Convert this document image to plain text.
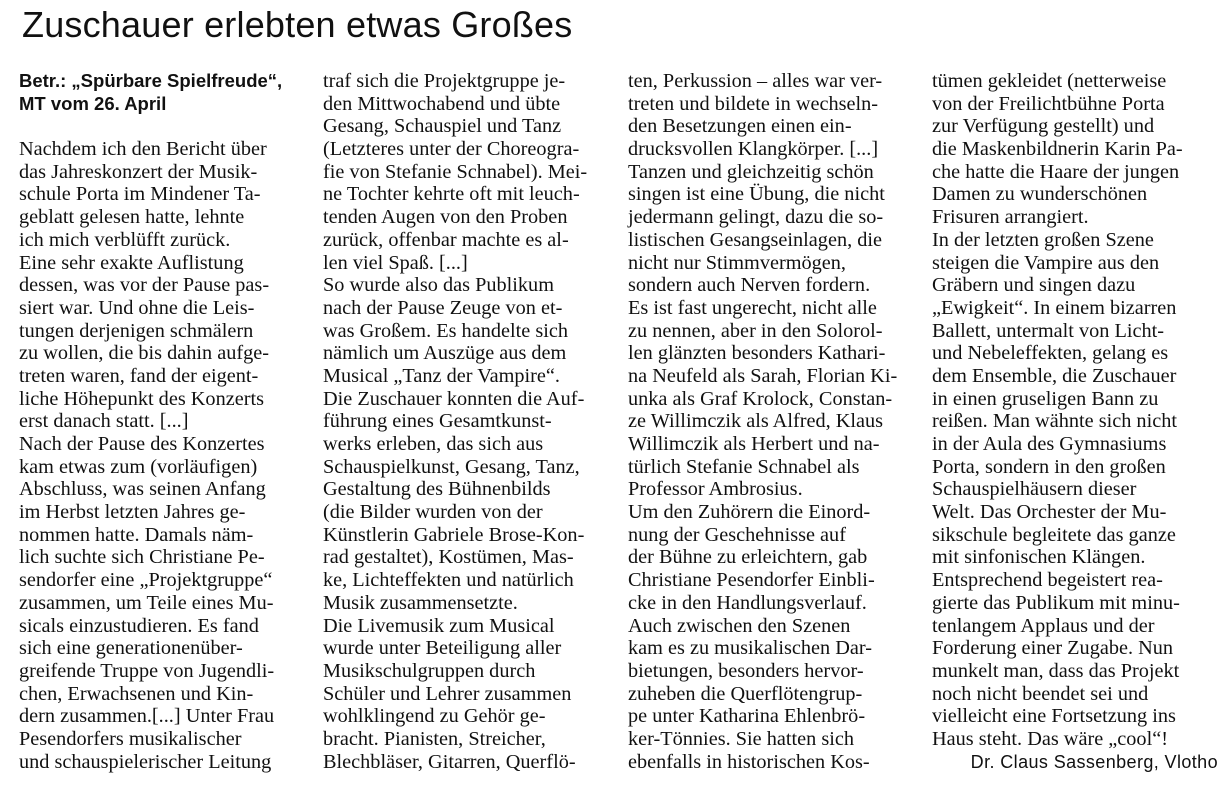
Zuschauer erlebten etwas Großes
Betr.: „Spürbare Spielfreude“,
MT vom 26. April
Nachdem ich den Bericht über
das Jahreskonzert der Musik-
schule Porta im Mindener Ta-
geblatt gelesen hatte, lehnte
ich mich verblüfft zurück.
Eine sehr exakte Auflistung
dessen, was vor der Pause pas-
siert war. Und ohne die Leis-
tungen derjenigen schmälern
zu wollen, die bis dahin aufge-
treten waren, fand der eigent-
liche Höhepunkt des Konzerts
erst danach statt. [...]
Nach der Pause des Konzertes
kam etwas zum (vorläufigen)
Abschluss, was seinen Anfang
im Herbst letzten Jahres ge-
nommen hatte. Damals näm-
lich suchte sich Christiane Pe-
sendorfer eine „Projektgruppe“
zusammen, um Teile eines Mu-
sicals einzustudieren. Es fand
sich eine generationenüber-
greifende Truppe von Jugendli-
chen, Erwachsenen und Kin-
dern zusammen.[...] Unter Frau
Pesendorfers musikalischer
und schauspielerischer Leitung
traf sich die Projektgruppe je-
den Mittwochabend und übte
Gesang, Schauspiel und Tanz
(Letzteres unter der Choreogra-
fie von Stefanie Schnabel). Mei-
ne Tochter kehrte oft mit leuch-
tenden Augen von den Proben
zurück, offenbar machte es al-
len viel Spaß. [...]
So wurde also das Publikum
nach der Pause Zeuge von et-
was Großem. Es handelte sich
nämlich um Auszüge aus dem
Musical „Tanz der Vampire“.
Die Zuschauer konnten die Auf-
führung eines Gesamtkunst-
werks erleben, das sich aus
Schauspielkunst, Gesang, Tanz,
Gestaltung des Bühnenbilds
(die Bilder wurden von der
Künstlerin Gabriele Brose-Kon-
rad gestaltet), Kostümen, Mas-
ke, Lichteffekten und natürlich
Musik zusammensetzte.
Die Livemusik zum Musical
wurde unter Beteiligung aller
Musikschulgruppen durch
Schüler und Lehrer zusammen
wohlklingend zu Gehör ge-
bracht. Pianisten, Streicher,
Blechbläser, Gitarren, Querflö-
ten, Perkussion – alles war ver-
treten und bildete in wechseln-
den Besetzungen einen ein-
drucksvollen Klangkörper. [...]
Tanzen und gleichzeitig schön
singen ist eine Übung, die nicht
jedermann gelingt, dazu die so-
listischen Gesangseinlagen, die
nicht nur Stimmvermögen,
sondern auch Nerven fordern.
Es ist fast ungerecht, nicht alle
zu nennen, aber in den Solorol-
len glänzten besonders Kathari-
na Neufeld als Sarah, Florian Ki-
unka als Graf Krolock, Constan-
ze Willimczik als Alfred, Klaus
Willimczik als Herbert und na-
türlich Stefanie Schnabel als
Professor Ambrosius.
Um den Zuhörern die Einord-
nung der Geschehnisse auf
der Bühne zu erleichtern, gab
Christiane Pesendorfer Einbli-
cke in den Handlungsverlauf.
Auch zwischen den Szenen
kam es zu musikalischen Dar-
bietungen, besonders hervor-
zuheben die Querflötengrup-
pe unter Katharina Ehlenbrö-
ker-Tönnies. Sie hatten sich
ebenfalls in historischen Kos-
tümen gekleidet (netterweise
von der Freilichtbühne Porta
zur Verfügung gestellt) und
die Maskenbildnerin Karin Pa-
che hatte die Haare der jungen
Damen zu wunderschönen
Frisuren arrangiert.
In der letzten großen Szene
steigen die Vampire aus den
Gräbern und singen dazu
„Ewigkeit“. In einem bizarren
Ballett, untermalt von Licht-
und Nebeleffekten, gelang es
dem Ensemble, die Zuschauer
in einen gruseligen Bann zu
reißen. Man wähnte sich nicht
in der Aula des Gymnasiums
Porta, sondern in den großen
Schauspielhäusern dieser
Welt. Das Orchester der Mu-
sikschule begleitete das ganze
mit sinfonischen Klängen.
Entsprechend begeistert rea-
gierte das Publikum mit minu-
tenlangem Applaus und der
Forderung einer Zugabe. Nun
munkelt man, dass das Projekt
noch nicht beendet sei und
vielleicht eine Fortsetzung ins
Haus steht. Das wäre „cool“!
Dr. Claus Sassenberg, Vlotho
